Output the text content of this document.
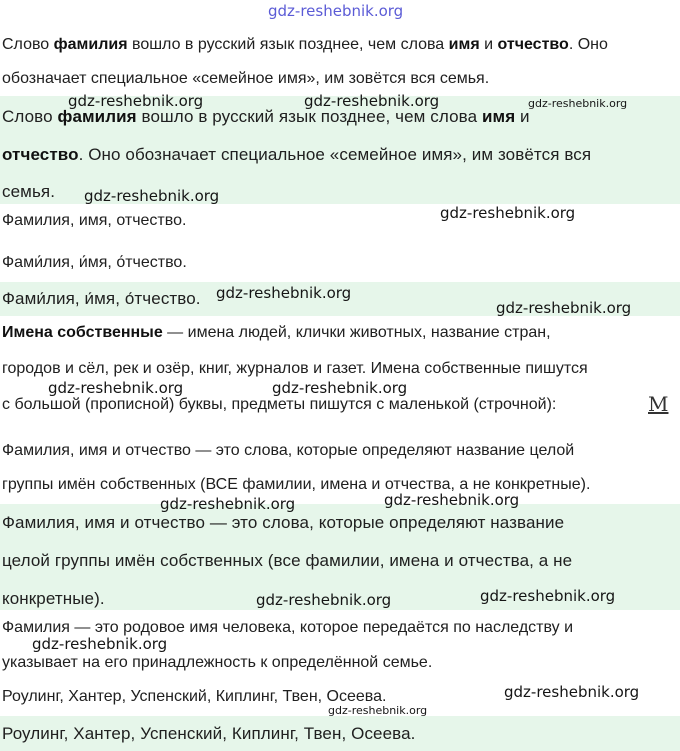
gdz-reshebnik.org
Слово фамилия вошло в русский язык позднее, чем слова имя и отчество. Оно
обозначает специальное «семейное имя», им зовётся вся семья.
Слово фамилия вошло в русский язык позднее, чем слова имя и
отчество. Оно обозначает специальное «семейное имя», им зовётся вся
семья.
Фамилия, имя, отчество.
Фами́лия, и́мя, о́тчество.
Фами́лия, и́мя, о́тчество.
Имена собственные — имена людей, клички животных, название стран,
городов и сёл, рек и озёр, книг, журналов и газет. Имена собственные пишутся
с большой (прописной) буквы, предметы пишутся с маленькой (строчной):	M
Фамилия, имя и отчество — это слова, которые определяют название целой
группы имён собственных (ВСЕ фамилии, имена и отчества, а не конкретные).
Фамилия, имя и отчество — это слова, которые определяют название
целой группы имён собственных (все фамилии, имена и отчества, а не
конкретные).
Фамилия — это родовое имя человека, которое передаётся по наследству и
указывает на его принадлежность к определённой семье.
Роулинг, Хантер, Успенский, Киплинг, Твен, Осеева.
Роулинг, Хантер, Успенский, Киплинг, Твен, Осеева.
gdz-reshebnik.org	gdz-reshebnik.org	gdz-reshebnik.org
gdz-reshebnik.org
gdz-reshebnik.org
gdz-reshebnik.org
gdz-reshebnik.org
gdz-reshebnik.org	gdz-reshebnik.org
gdz-reshebnik.org	gdz-reshebnik.org
gdz-reshebnik.org	gdz-reshebnik.org
gdz-reshebnik.org
gdz-reshebnik.org
gdz-reshebnik.org
